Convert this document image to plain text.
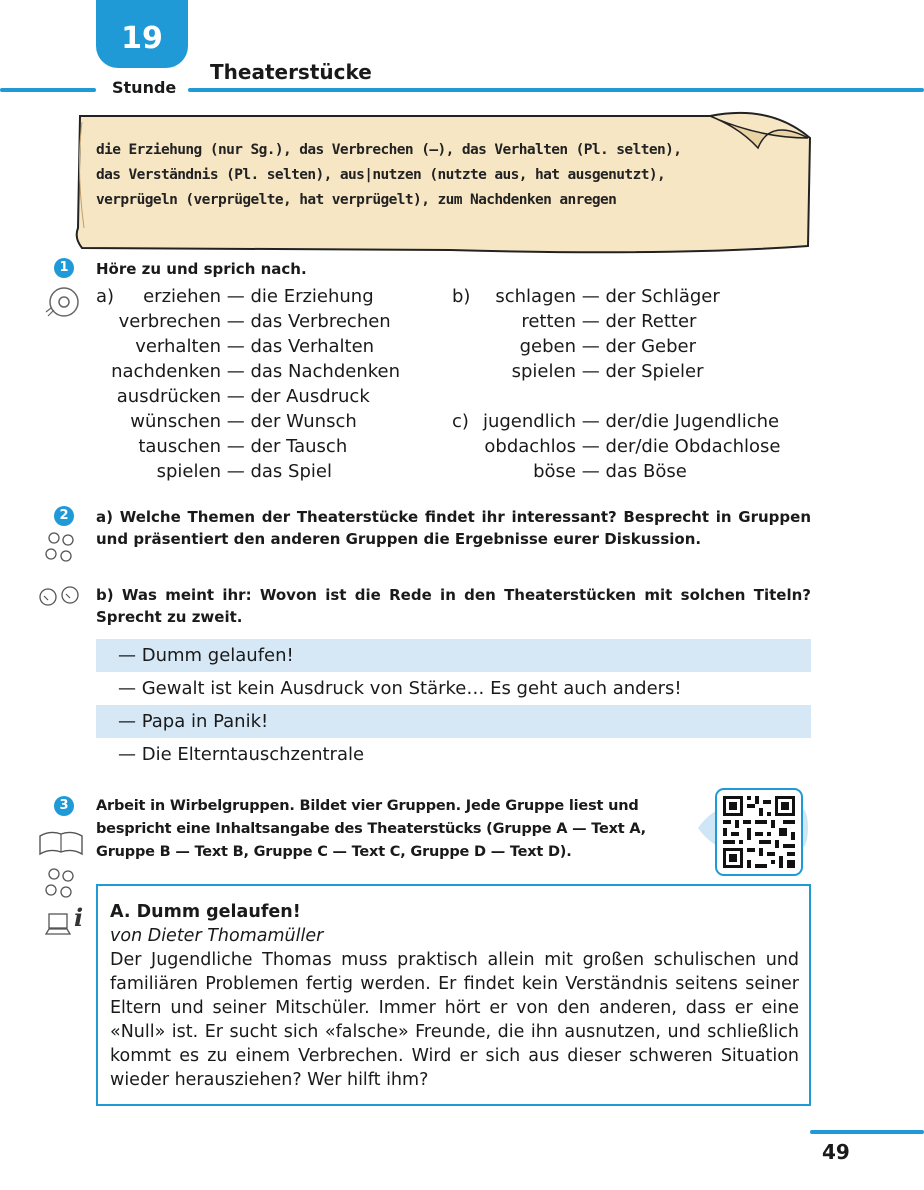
19
Stunde
Theaterstücke
die Erziehung (nur Sg.), das Verbrechen (–), das Verhalten (Pl. selten),
das Verständnis (Pl. selten), aus|nutzen (nutzte aus, hat ausgenutzt),
verprügeln (verprügelte, hat verprügelt), zum Nachdenken anregen
1	Höre zu und sprich nach.
a)	erziehen — die Erziehung
verbrechen — das Verbrechen
verhalten — das Verhalten
nachdenken — das Nachdenken
ausdrücken — der Ausdruck
wünschen — der Wunsch
tauschen — der Tausch
spielen — das Spiel
b)	schlagen — der Schläger
retten — der Retter
geben — der Geber
spielen — der Spieler
c) jugendlich — der/die Jugendliche
obdachlos — der/die Obdachlose
böse — das Böse
2	a) Welche Themen der Theaterstücke findet ihr interessant? Besprecht in Gruppen und präsentiert den anderen Gruppen die Ergebnisse eurer Diskussion.
b) Was meint ihr: Wovon ist die Rede in den Theaterstücken mit solchen Titeln? Sprecht zu zweit.
— Dumm gelaufen!
— Gewalt ist kein Ausdruck von Stärke… Es geht auch anders!
— Papa in Panik!
— Die Elterntauschzentrale
3
i
Arbeit in Wirbelgruppen. Bildet vier Gruppen. Jede Gruppe liest und bespricht eine Inhaltsangabe des Theaterstücks (Gruppe A — Text A, Gruppe B — Text B, Gruppe C — Text C, Gruppe D — Text D).
A. Dumm gelaufen!
von Dieter Thomamüller
Der Jugendliche Thomas muss praktisch allein mit großen schulischen und familiären Problemen fertig werden. Er findet kein Verständnis seitens seiner Eltern und seiner Mitschüler. Immer hört er von den anderen, dass er eine «Null» ist. Er sucht sich «falsche» Freunde, die ihn ausnutzen, und schließlich kommt es zu einem Verbrechen. Wird er sich aus dieser schweren Situation wieder herausziehen? Wer hilft ihm?
49
